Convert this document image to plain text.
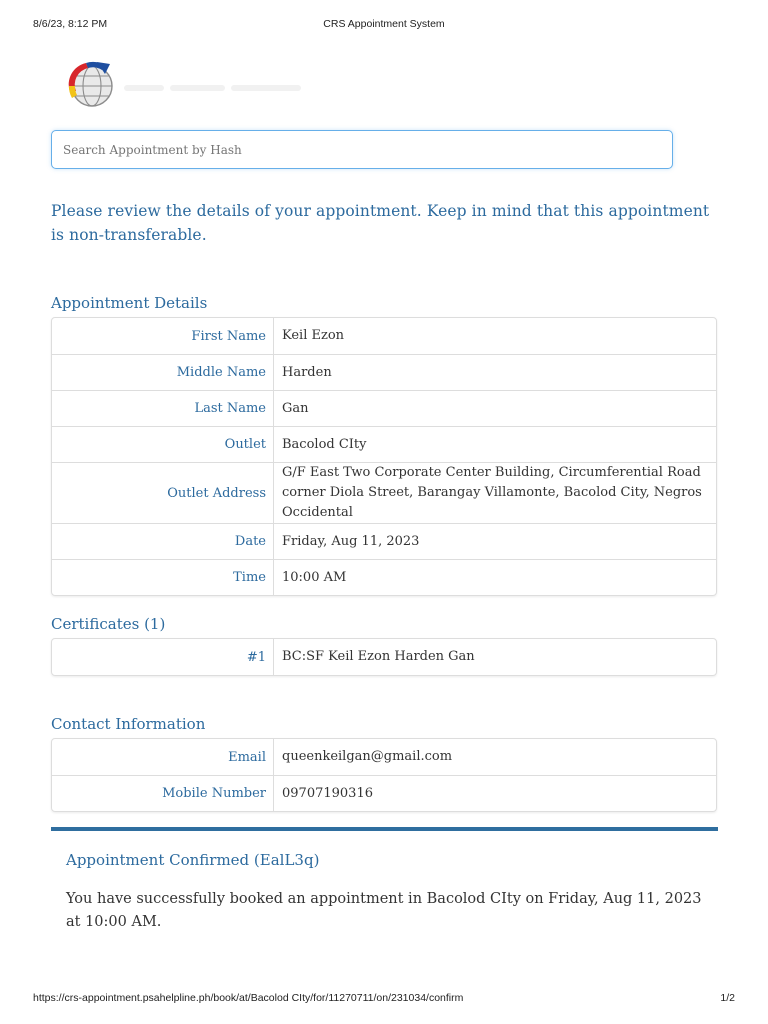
8/6/23, 8:12 PM	CRS Appointment System
Search Appointment by Hash

Please review the details of your appointment. Keep in mind that this appointment is non-transferable.

Appointment Details
First Name	Keil Ezon
Middle Name	Harden
Last Name	Gan
Outlet	Bacolod CIty
Outlet Address	G/F East Two Corporate Center Building, Circumferential Road corner Diola Street, Barangay Villamonte, Bacolod City, Negros Occidental
Date	Friday, Aug 11, 2023
Time	10:00 AM
Certificates (1)
#1	BC:SF Keil Ezon Harden Gan
Contact Information
Email	queenkeilgan@gmail.com
Mobile Number	09707190316
Appointment Confirmed (EalL3q)

You have successfully booked an appointment in Bacolod CIty on Friday, Aug 11, 2023 at 10:00 AM.

https://crs-appointment.psahelpline.ph/book/at/Bacolod CIty/for/11270711/on/231034/confirm	1/2
